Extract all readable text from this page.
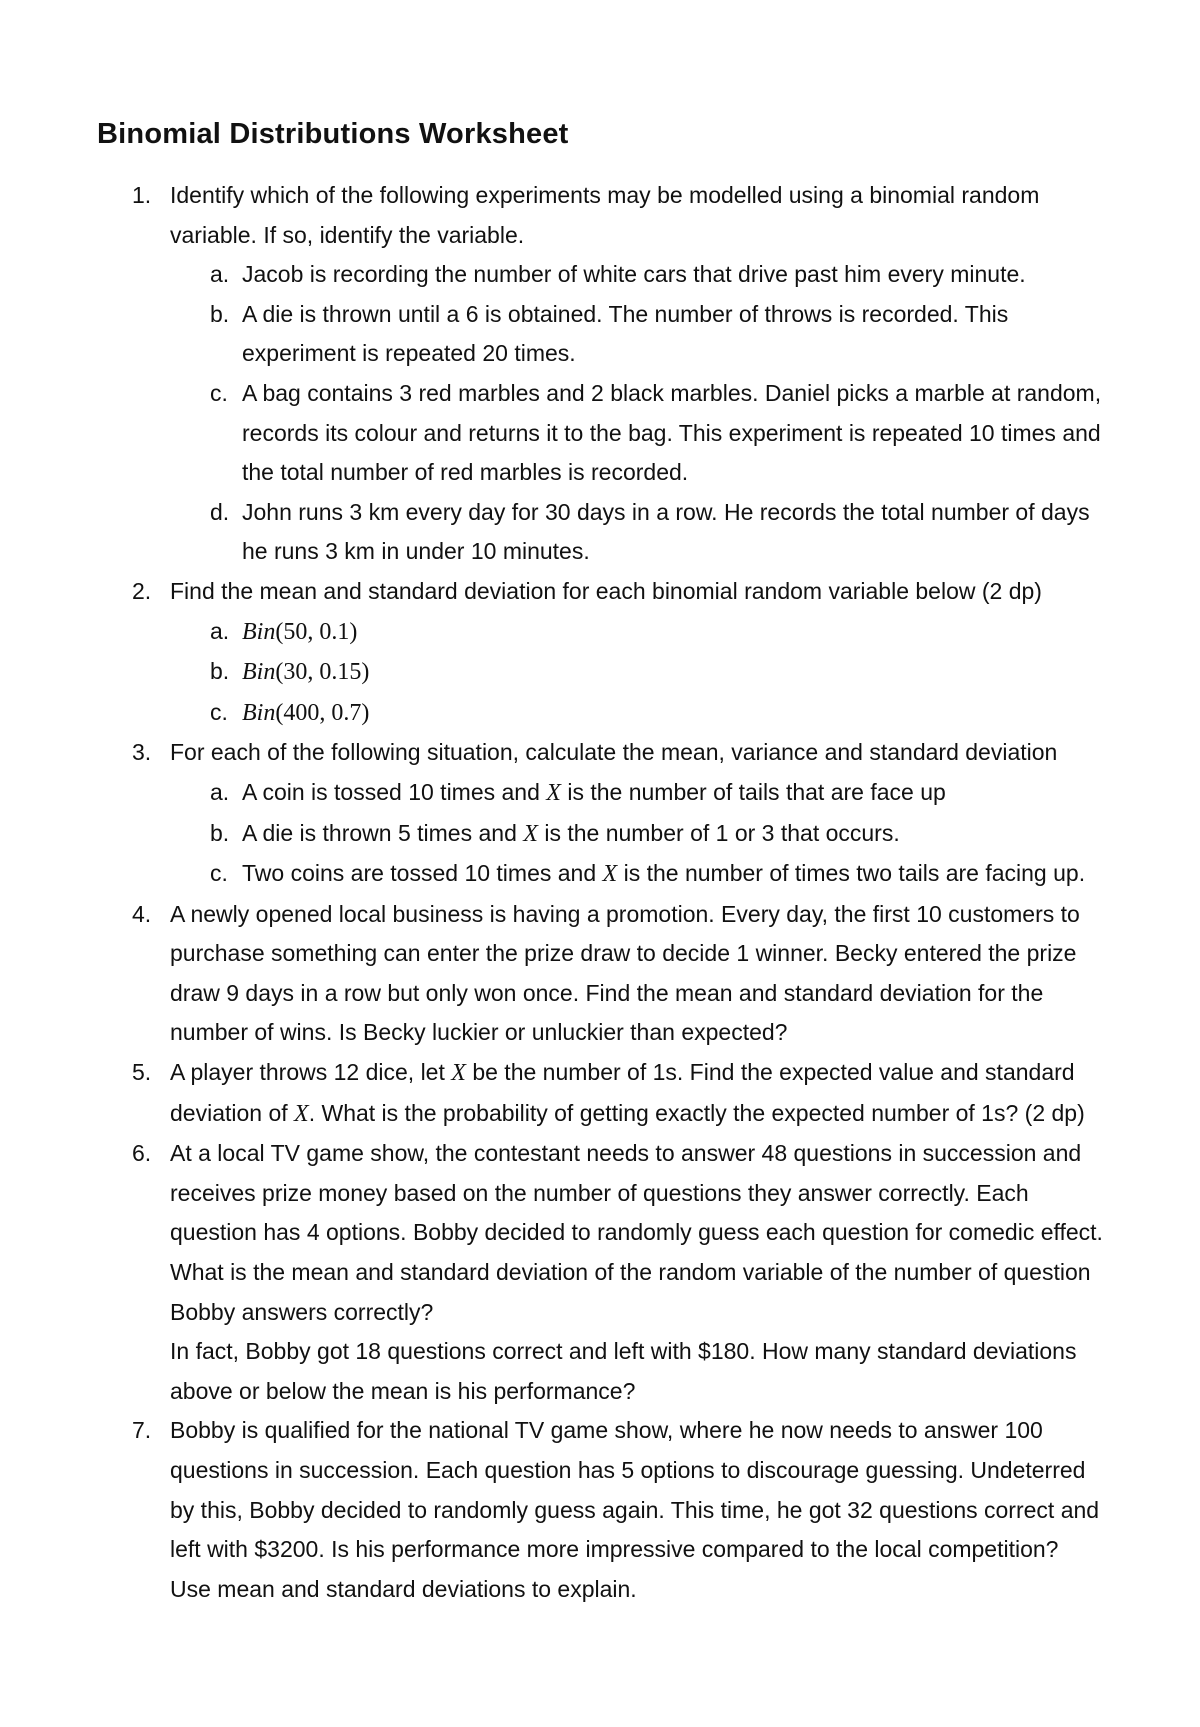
Binomial Distributions Worksheet
1. Identify which of the following experiments may be modelled using a binomial random variable. If so, identify the variable.
a. Jacob is recording the number of white cars that drive past him every minute.
b. A die is thrown until a 6 is obtained. The number of throws is recorded. This experiment is repeated 20 times.
c. A bag contains 3 red marbles and 2 black marbles. Daniel picks a marble at random, records its colour and returns it to the bag. This experiment is repeated 10 times and the total number of red marbles is recorded.
d. John runs 3 km every day for 30 days in a row. He records the total number of days he runs 3 km in under 10 minutes.
2. Find the mean and standard deviation for each binomial random variable below (2 dp)
a. Bin(50, 0.1)
b. Bin(30, 0.15)
c. Bin(400, 0.7)
3. For each of the following situation, calculate the mean, variance and standard deviation
a. A coin is tossed 10 times and X is the number of tails that are face up
b. A die is thrown 5 times and X is the number of 1 or 3 that occurs.
c. Two coins are tossed 10 times and X is the number of times two tails are facing up.
4. A newly opened local business is having a promotion. Every day, the first 10 customers to purchase something can enter the prize draw to decide 1 winner. Becky entered the prize draw 9 days in a row but only won once. Find the mean and standard deviation for the number of wins. Is Becky luckier or unluckier than expected?
5. A player throws 12 dice, let X be the number of 1s. Find the expected value and standard deviation of X. What is the probability of getting exactly the expected number of 1s? (2 dp)
6. At a local TV game show, the contestant needs to answer 48 questions in succession and receives prize money based on the number of questions they answer correctly. Each question has 4 options. Bobby decided to randomly guess each question for comedic effect. What is the mean and standard deviation of the random variable of the number of question Bobby answers correctly?
In fact, Bobby got 18 questions correct and left with $180. How many standard deviations above or below the mean is his performance?
7. Bobby is qualified for the national TV game show, where he now needs to answer 100 questions in succession. Each question has 5 options to discourage guessing. Undeterred by this, Bobby decided to randomly guess again. This time, he got 32 questions correct and left with $3200. Is his performance more impressive compared to the local competition? Use mean and standard deviations to explain.
